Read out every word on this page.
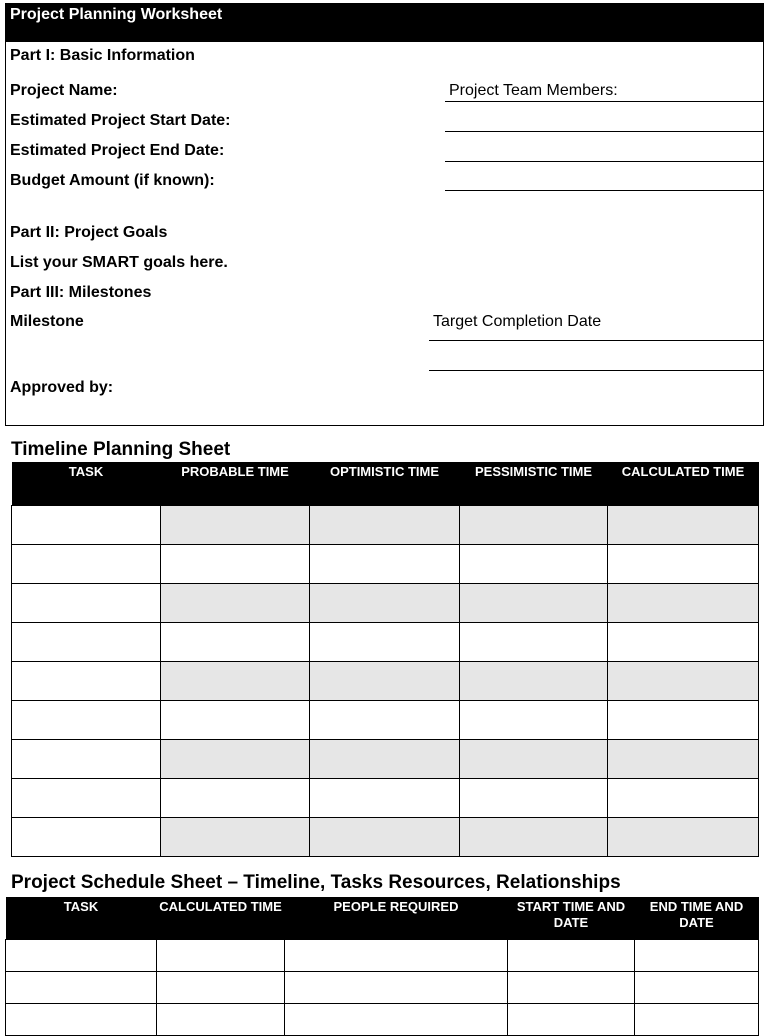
Project Planning Worksheet
Part I: Basic Information
Project Name:
Estimated Project Start Date:
Estimated Project End Date:
Budget Amount (if known):
Project Team Members:
Part II: Project Goals
List your SMART goals here.
Part III: Milestones
Milestone	Target Completion Date
Approved by:
Timeline Planning Sheet
TASK	PROBABLE TIME	OPTIMISTIC TIME	PESSIMISTIC TIME	CALCULATED TIME

Project Schedule Sheet – Timeline, Tasks Resources, Relationships
TASK	CALCULATED TIME	PEOPLE REQUIRED	START TIME AND DATE	END TIME AND DATE
